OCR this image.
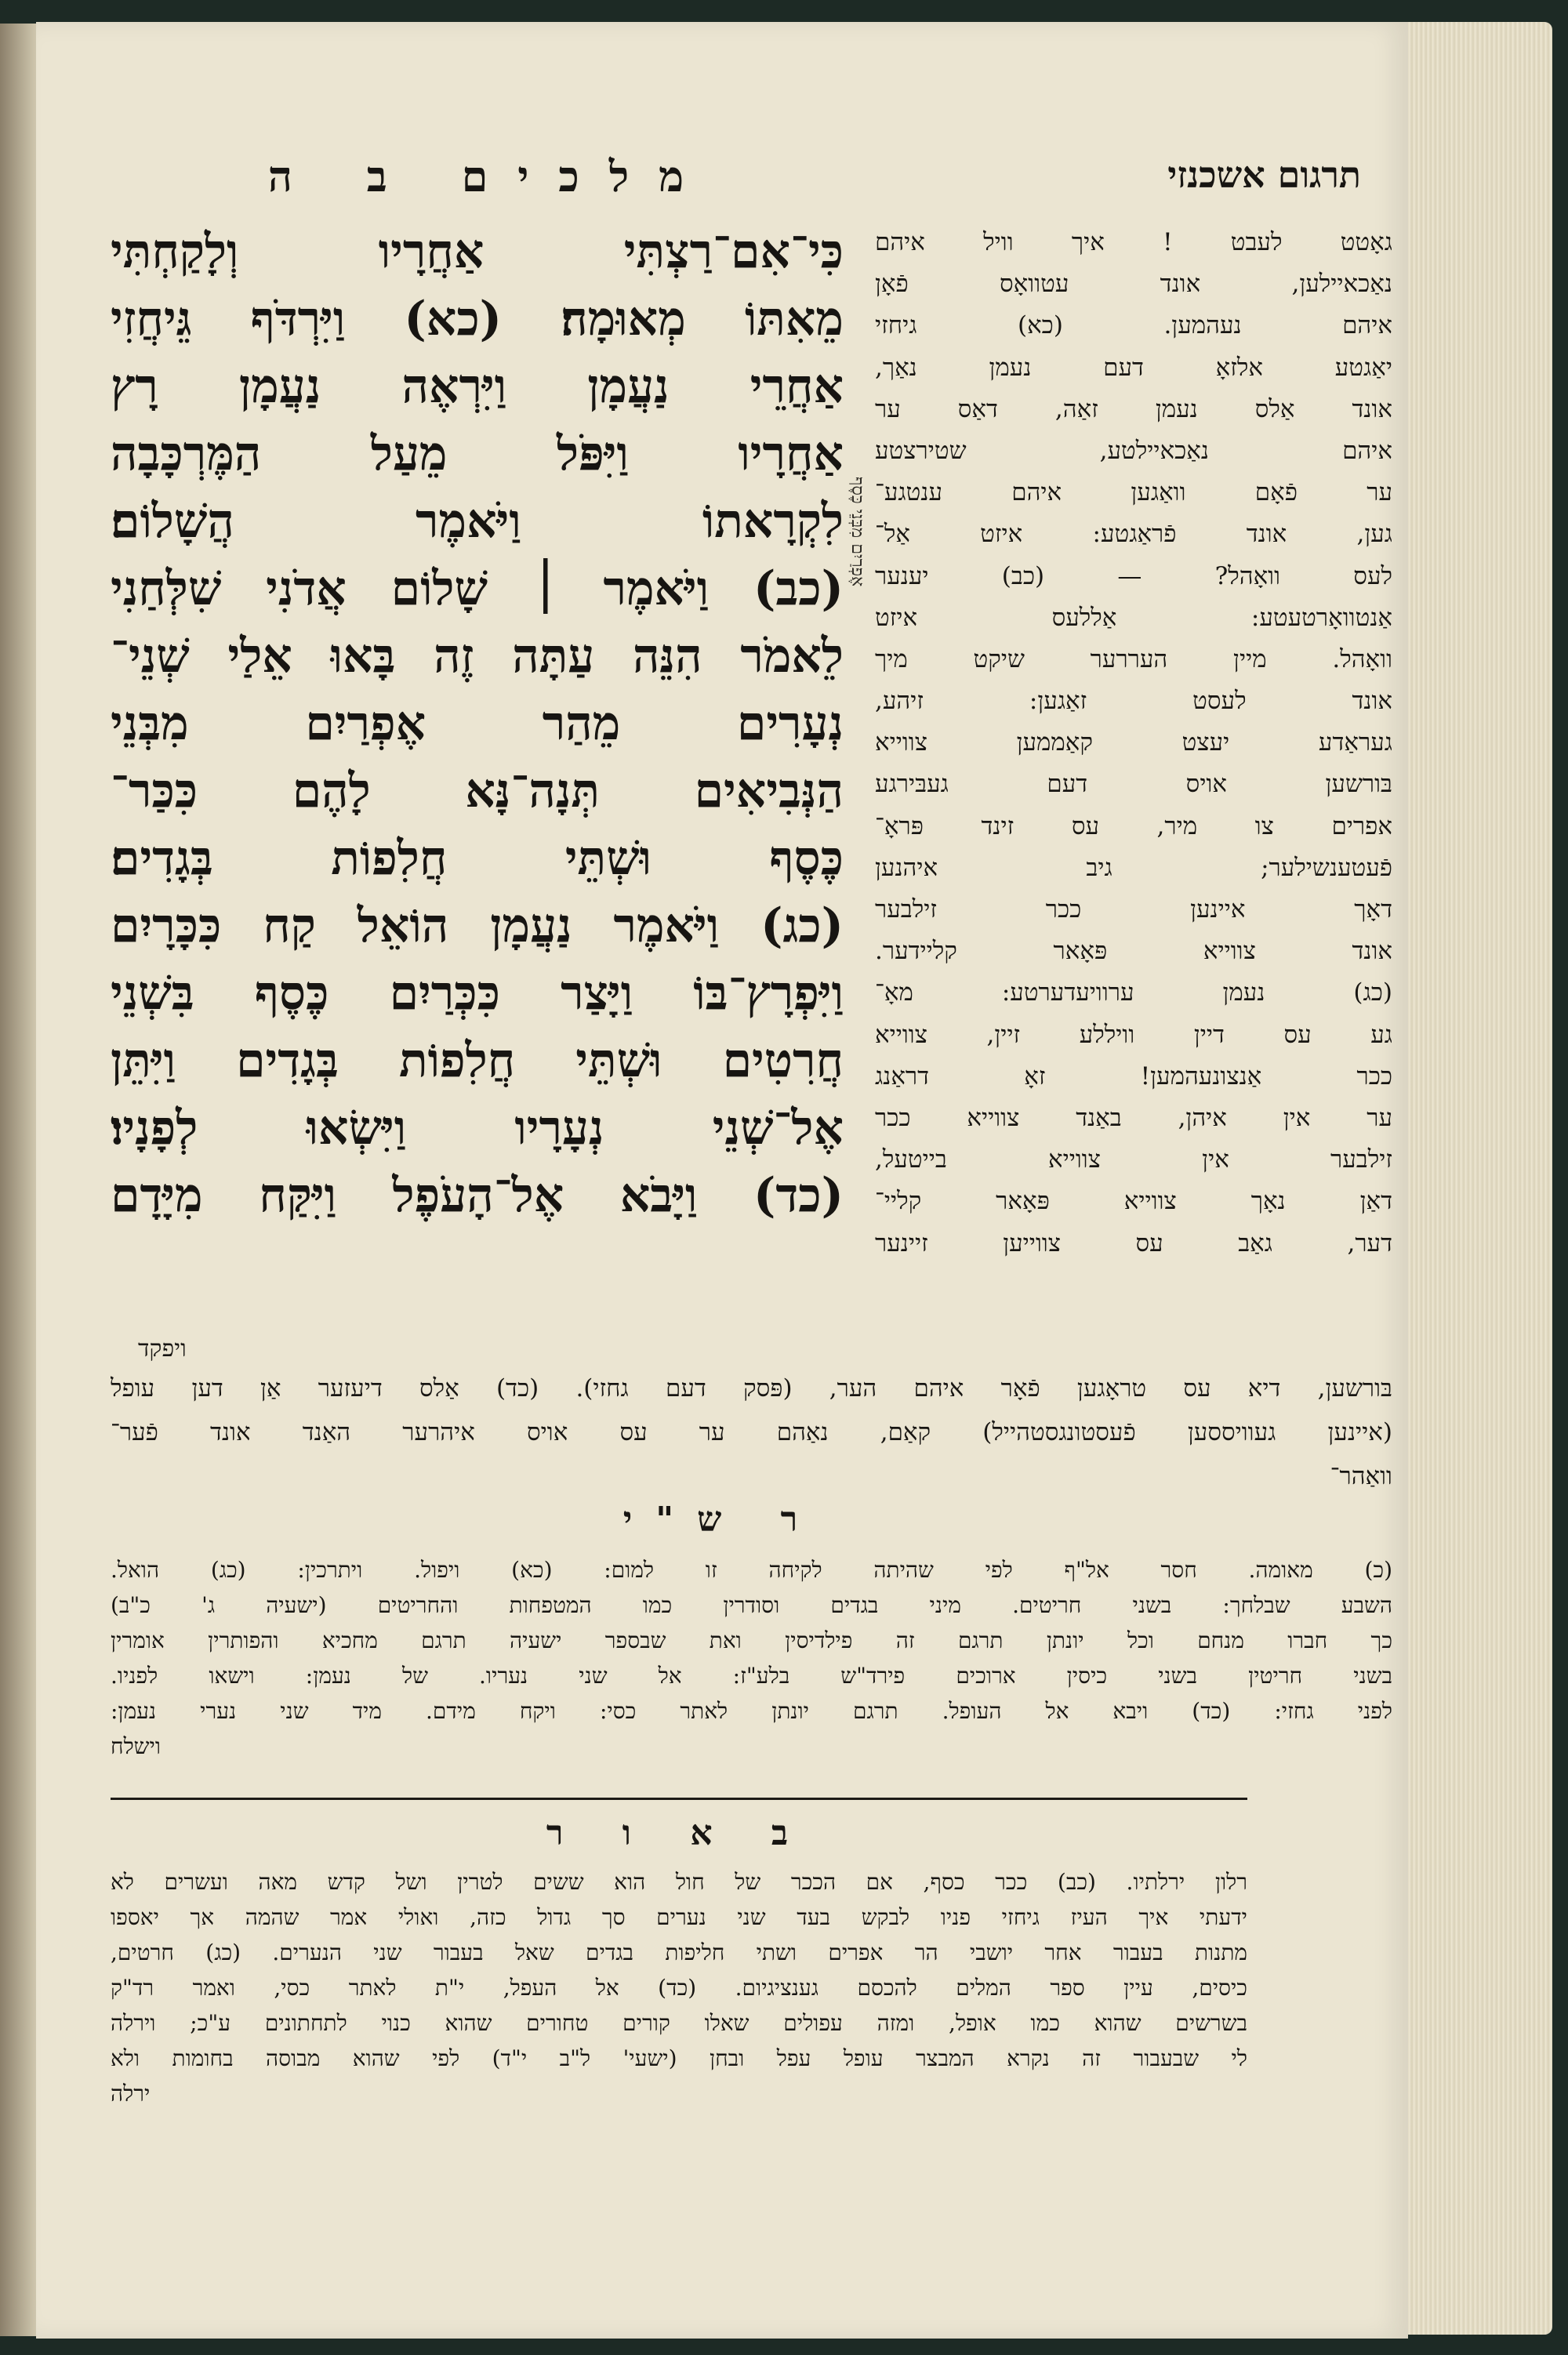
מלכים ב ה	תרגום אשכנזי
כִּי־אִם־רַצְתִּי אַחֲרָיו וְלָקַחְתִּי
מֵאִתּוֹ מְאוּמָה׃ (כא) וַיִּרְדֹּף גֵּיחֲזִי
אַחֲרֵי נַעֲמָן וַיִּרְאֶה נַעֲמָן רָץ
אַחֲרָיו וַיִּפֹּל מֵעַל הַמֶּרְכָּבָה
לִקְרָאתוֹ וַיֹּאמֶר הֲשָׁלוֹם׃
(כב) וַיֹּאמֶר ׀ שָׁלוֹם אֲדֹנִי שִׁלְּחַנִי
לֵאמֹר הִנֵּה עַתָּה זֶה בָּאוּ אֵלַי שְׁנֵי־
נְעָרִים מֵהַר אֶפְרַיִם מִבְּנֵי
הַנְּבִיאִים תְּנָה־נָּא לָהֶם כִּכַּר־
כֶּסֶף וּשְׁתֵּי חֲלִפוֹת בְּגָדִים׃
(כג) וַיֹּאמֶר נַעֲמָן הוֹאֵל קַח כִּכָּרָיִם
וַיִּפְרָץ־בּוֹ וַיָּצַר כִּכְּרַיִם כֶּסֶף בִּשְׁנֵי
חֲרִטִים וּשְׁתֵּי חֲלִפוֹת בְּגָדִים וַיִּתֵּן
אֶל־שְׁנֵי נְעָרָיו וַיִּשְׂאוּ לְפָנָיו׃
(כד) וַיָּבֹא אֶל־הָעֹפֶל וַיִּקַּח מִיָּדָם
ויפקד
אֶפְרַיִם מִבְּנֵי כֶּסֶף
גאָטט לעבט ! איך וויל איהם
נאַכאיילען, אונד עטוואָס פֿאָן
איהם נעהמען. (כא) גיחזי
יאַגטע אלזאָ דעם נעמן נאַך,
אונד אַלס נעמן זאַה, דאַס ער
איהם נאַכאיילטע, שטירצטע
ער פֿאָם וואַגען איהם ענטגע־
גען, אונד פֿראַגטע: איזט אַל־
לעס וואָהל? — (כב) יענער
אַנטוואָרטעטע: אַללעס איזט
וואָהל. מיין העררער שיקט מיך
אונד לעסט זאַגען: זיהע,
געראַדע יעצט קאַממען צווייא
בּורשען אויס דעם געבּירגע
אפרים צו מיר, עס זינד פּראָ־
פֿעטענשילער; גיב איהנען
דאָך איינען ככר זילבער
אונד צווייא פּאָאר קליידער.
(כג) נעמן ערוויעדערטע: מאָ־
גע עס דיין וויללע זיין, צווייא
ככר אַנצונעהמען! זאָ דראַנג
ער אין איהן, באַנד צווייא ככר
זילבער אין צווייא בייטעל,
דאַן נאָך צווייא פּאָאר קליי־
דער, גאַב עס צווייען זיינער
בּורשען, דיא עס טראָגען פֿאָר איהם הער, (פּסק דעם גחזי). (כד) אַלס דיעזער אַן דען עופל
(איינען געוויססען פֿעסטונגסטהייל) קאַם, נאַהם ער עס אויס איהרער האַנד אונד פֿער־
וואַהר־
ר ש"י
(כ) מאומה. חסר אל"ף לפי שהיתה לקיחה זו למום: (כא) ויפול. ויתרכין: (כג) הואל.
השבע שבלחך: בשני חריטים. מיני בגדים וסודרין כמו המטפחות והחריטים (ישעיה ג' כ"ב)
כך חברו מנחם וכל יונתן תרגם זה פילדיסין ואת שבספר ישעיה תרגם מחכיא והפותרין אומרין
בשני חריטין בשני כיסין ארוכים פירד"ש בלע"ז: אל שני נעריו. של נעמן: וישאו לפניו.
לפני גחזי: (כד) ויבא אל העופל. תרגם יונתן לאתר כסי: ויקח מידם. מיד שני נערי נעמן:
וישלח
ב א ו ר
רלון ירלתיו. (כב) ככר כסף, אם הככר של חול הוא ששים לטרין ושל קדש מאה ועשרים לא
ידעתי איך העיז גיחזי פניו לבקש בעד שני נערים סך גדול כזה, ואולי אמר שהמה אך יאספו
מתנות בעבור אחר יושבי הר אפרים ושתי חליפות בגדים שאל בעבור שני הנערים. (כג) חרטים,
כיסים, עיין ספר המלים להכסם גענציגיום. (כד) אל העפל, י"ת לאתר כסי, ואמר רד"ק
בשרשים שהוא כמו אופל, ומזה עפולים שאלו קורים טחורים שהוא כנוי לתחתונים ע"כ; וירלה
לי שבעבור זה נקרא המבצר עופל עפל ובחן (ישעי' ל"ב י"ד) לפי שהוא מבוסה בחומות ולא
ירלה
